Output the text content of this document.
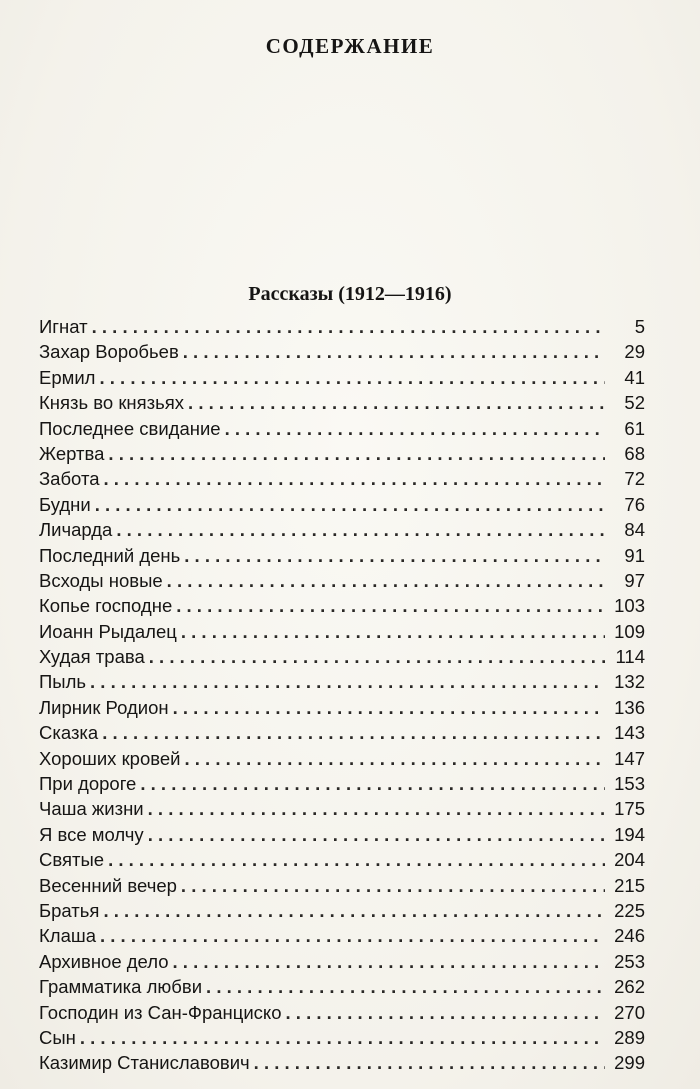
СОДЕРЖАНИЕ
Рассказы (1912—1916)
Игнат . . .	5
Захар Воробьев . . .	29
Ермил . . .	41
Князь во князьях . . .	52
Последнее свидание . . .	61
Жертва . . .	68
Забота . . .	72
Будни . . .	76
Личарда . . .	84
Последний день . . .	91
Всходы новые . . .	97
Копье господне . . .	103
Иоанн Рыдалец . . .	109
Худая трава . . .	114
Пыль . . .	132
Лирник Родион . . .	136
Сказка . . .	143
Хороших кровей . . .	147
При дороге . . .	153
Чаша жизни . . .	175
Я все молчу . . .	194
Святые . . .	204
Весенний вечер . . .	215
Братья . . .	225
Клаша . . .	246
Архивное дело . . .	253
Грамматика любви . . .	262
Господин из Сан-Франциско . . .	270
Сын . . .	289
Казимир Станиславович . . .	299
